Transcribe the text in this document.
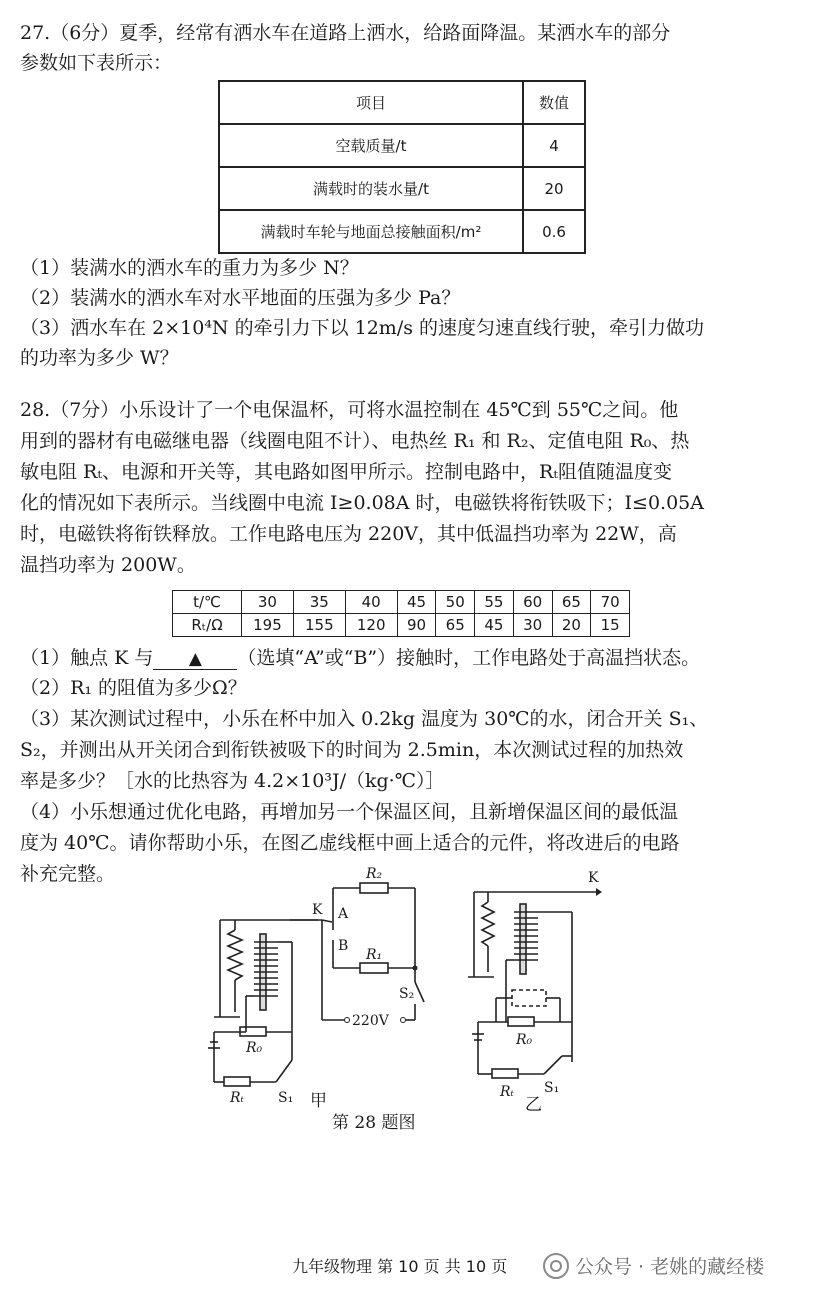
27.（6分）夏季，经常有洒水车在道路上洒水，给路面降温。某洒水车的部分

参数如下表所示：

项目	数值
空载质量/t	4
满载时的装水量/t	20
满载时车轮与地面总接触面积/m²	0.6

（1）装满水的洒水车的重力为多少 N？

（2）装满水的洒水车对水平地面的压强为多少 Pa？

（3）洒水车在 2×10⁴N 的牵引力下以 12m/s 的速度匀速直线行驶，牵引力做功

的功率为多少 W？

28.（7分）小乐设计了一个电保温杯，可将水温控制在 45℃到 55℃之间。他

用到的器材有电磁继电器（线圈电阻不计）、电热丝 R₁ 和 R₂、定值电阻 R₀、热

敏电阻 Rₜ、电源和开关等，其电路如图甲所示。控制电路中，Rₜ阻值随温度变

化的情况如下表所示。当线圈中电流 I≥0.08A 时，电磁铁将衔铁吸下；I≤0.05A

时，电磁铁将衔铁释放。工作电路电压为 220V，其中低温挡功率为 22W，高

温挡功率为 200W。

t/℃	30	35	40	45	50	55	60	65	70
Rₜ/Ω	195	155	120	90	65	45	30	20	15

（1）触点 K 与 ▲ （选填“A”或“B”）接触时，工作电路处于高温挡状态。

（2）R₁ 的阻值为多少Ω？

（3）某次测试过程中，小乐在杯中加入 0.2kg 温度为 30℃的水，闭合开关 S₁、

S₂，并测出从开关闭合到衔铁被吸下的时间为 2.5min，本次测试过程的加热效

率是多少？［水的比热容为 4.2×10³J/（kg·℃）］

（4）小乐想通过优化电路，再增加另一个保温区间，且新增保温区间的最低温

度为 40℃。请你帮助小乐，在图乙虚线框中画上适合的元件，将改进后的电路

补充完整。	R₂
R₁
K A
B
S₂
220V
R₀
Rₜ S₁ 甲
K
R₀
Rₜ S₁
乙
第 28 题图
九年级物理 第 10 页 共 10 页	公众号 · 老姚的藏经楼
